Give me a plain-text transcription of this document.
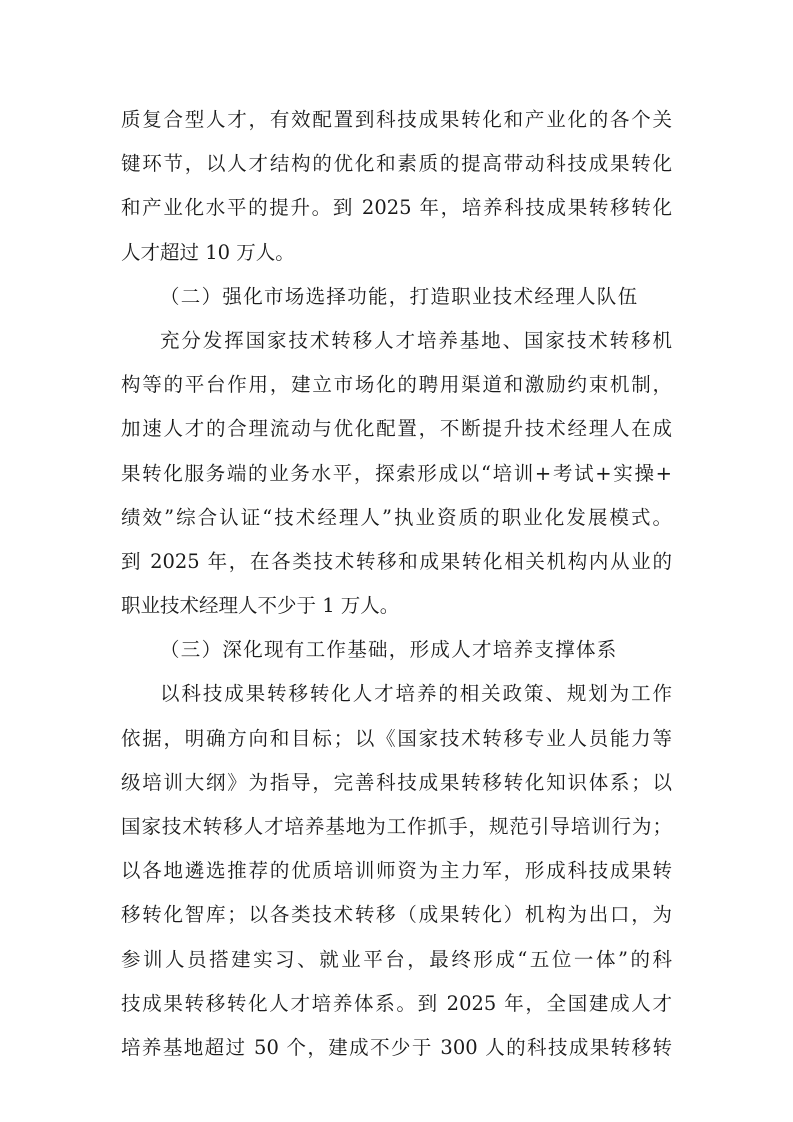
质复合型人才，有效配置到科技成果转化和产业化的各个关
键环节，以人才结构的优化和素质的提高带动科技成果转化
和产业化水平的提升。到 2025 年，培养科技成果转移转化
人才超过 10 万人。
（二）强化市场选择功能，打造职业技术经理人队伍
充分发挥国家技术转移人才培养基地、国家技术转移机
构等的平台作用，建立市场化的聘用渠道和激励约束机制，
加速人才的合理流动与优化配置，不断提升技术经理人在成
果转化服务端的业务水平，探索形成以“培训+考试+实操+
绩效”综合认证“技术经理人”执业资质的职业化发展模式。
到 2025 年，在各类技术转移和成果转化相关机构内从业的
职业技术经理人不少于 1 万人。
（三）深化现有工作基础，形成人才培养支撑体系
以科技成果转移转化人才培养的相关政策、规划为工作
依据，明确方向和目标；以《国家技术转移专业人员能力等
级培训大纲》为指导，完善科技成果转移转化知识体系；以
国家技术转移人才培养基地为工作抓手，规范引导培训行为；
以各地遴选推荐的优质培训师资为主力军，形成科技成果转
移转化智库；以各类技术转移（成果转化）机构为出口，为
参训人员搭建实习、就业平台，最终形成“五位一体”的科
技成果转移转化人才培养体系。到 2025 年，全国建成人才
培养基地超过 50 个，建成不少于 300 人的科技成果转移转
